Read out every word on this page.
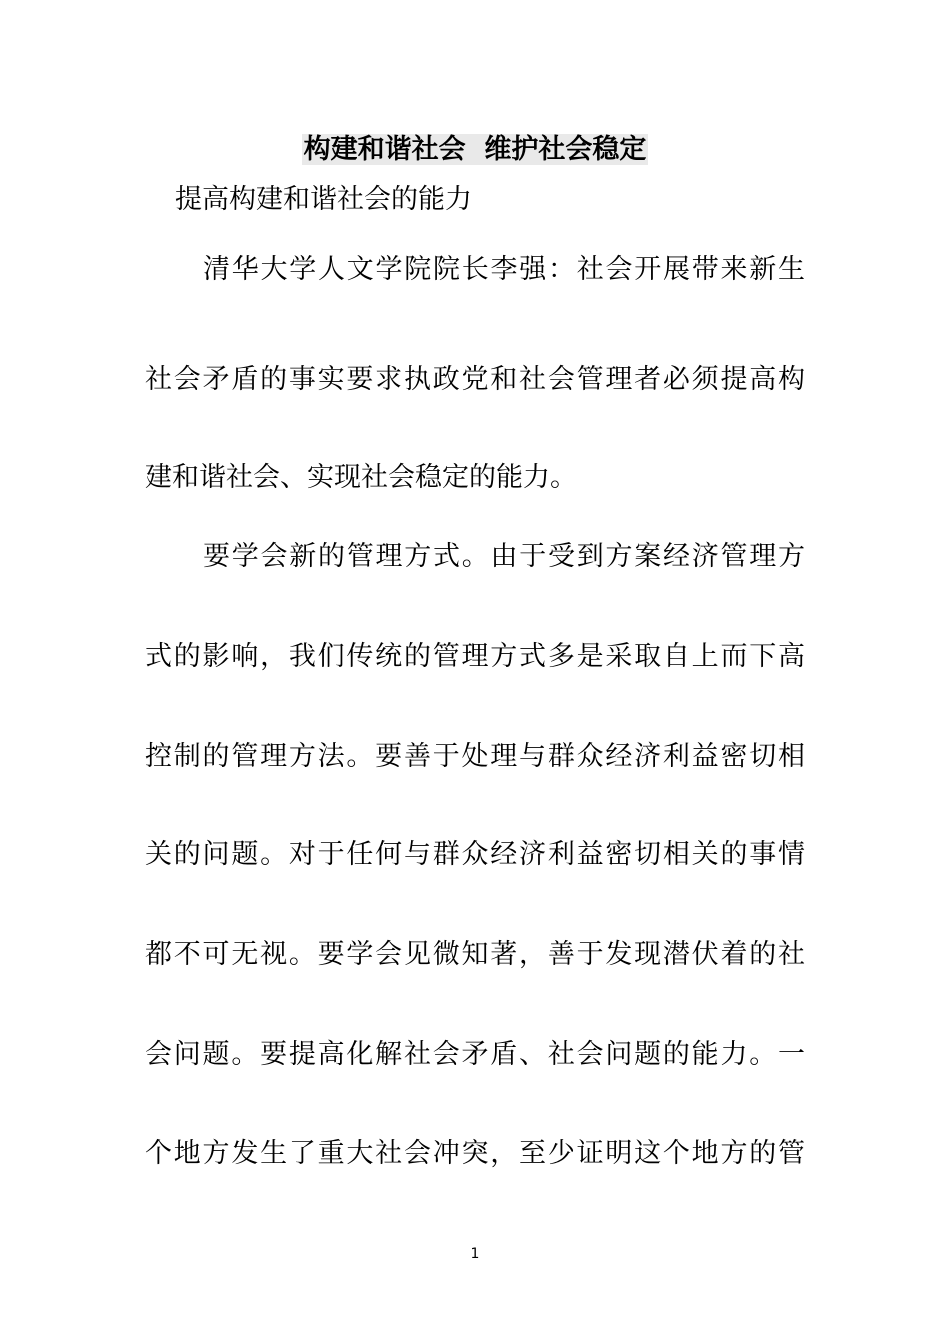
构建和谐社会  维护社会稳定

提高构建和谐社会的能力

清华大学人文学院院长李强：社会开展带来新生

社会矛盾的事实要求执政党和社会管理者必须提高构

建和谐社会、实现社会稳定的能力。

要学会新的管理方式。由于受到方案经济管理方

式的影响，我们传统的管理方式多是采取自上而下高

控制的管理方法。要善于处理与群众经济利益密切相

关的问题。对于任何与群众经济利益密切相关的事情

都不可无视。要学会见微知著，善于发现潜伏着的社

会问题。要提高化解社会矛盾、社会问题的能力。一

个地方发生了重大社会冲突，至少证明这个地方的管

1
